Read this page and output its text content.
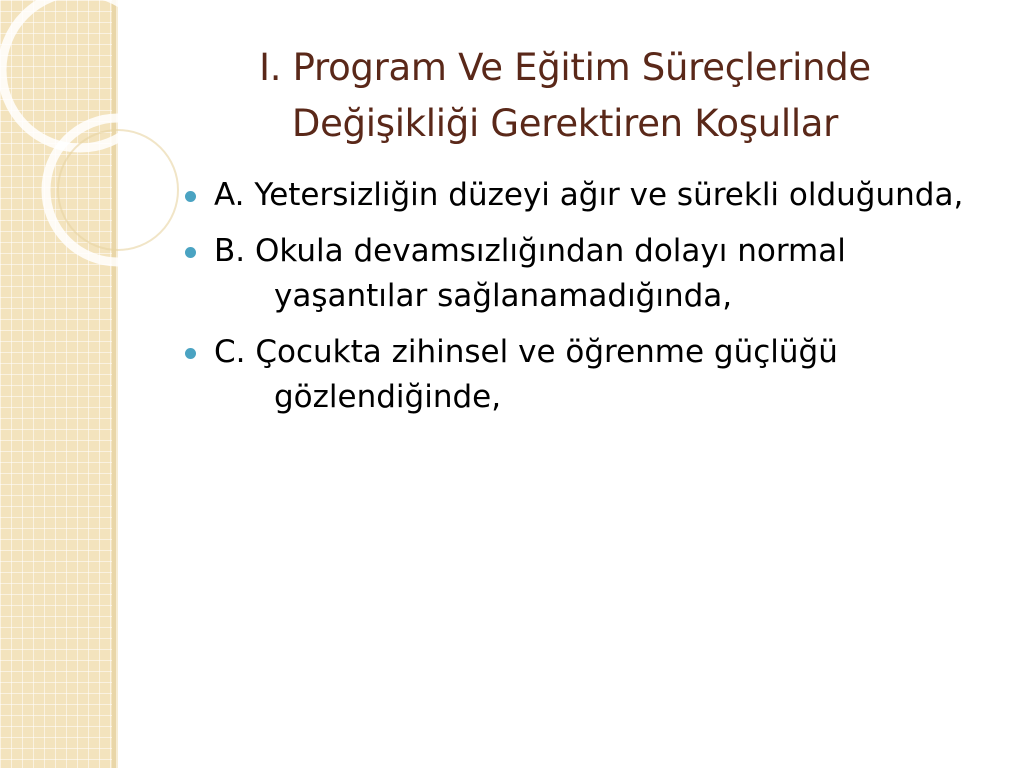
I. Program Ve Eğitim Süreçlerinde
Değişikliği Gerektiren Koşullar
A. Yetersizliğin düzeyi ağır ve sürekli olduğunda,
B. Okula devamsızlığından dolayı normal yaşantılar sağlanamadığında,
C. Çocukta zihinsel ve öğrenme güçlüğü gözlendiğinde,
